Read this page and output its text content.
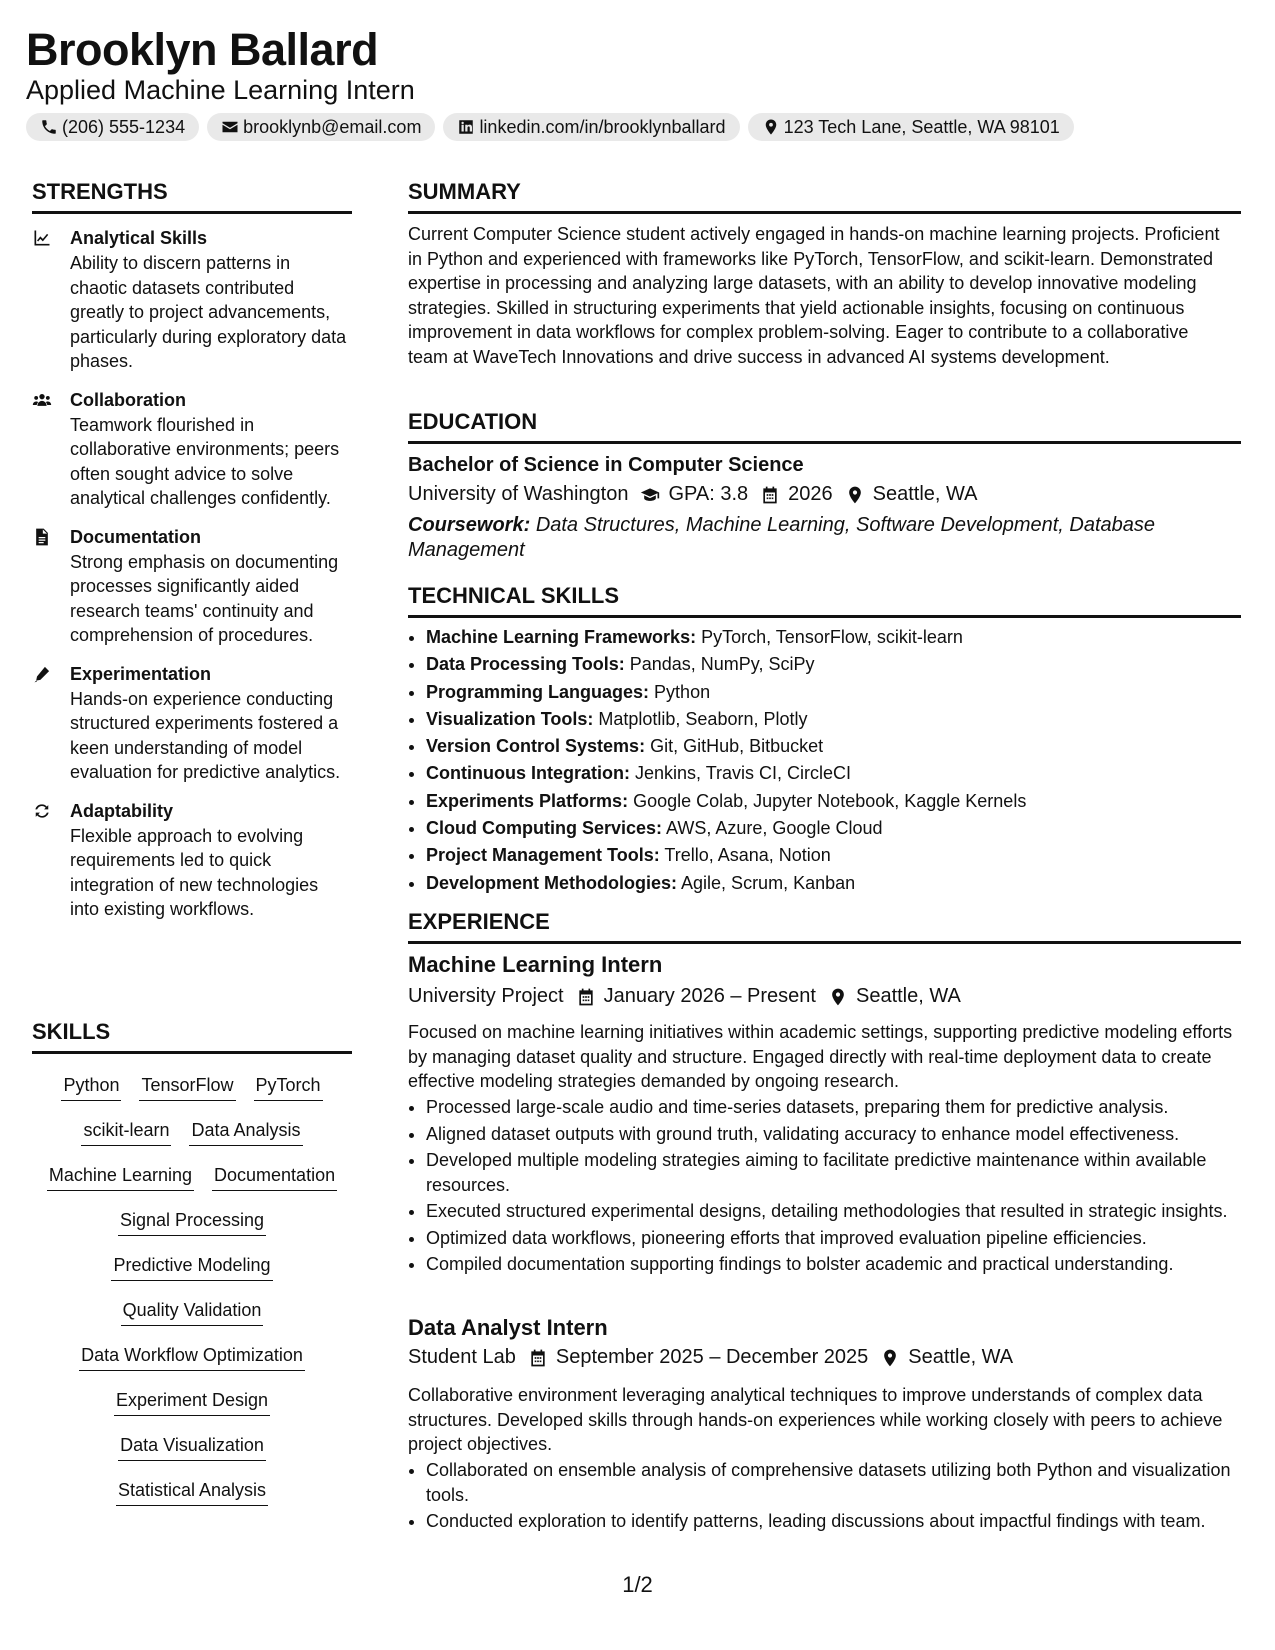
Brooklyn Ballard
Applied Machine Learning Intern
(206) 555-1234	brooklynb@email.com	linkedin.com/in/brooklynballard	123 Tech Lane, Seattle, WA 98101
STRENGTHS
Analytical Skills
Ability to discern patterns in chaotic datasets contributed greatly to project advancements, particularly during exploratory data phases.
Collaboration
Teamwork flourished in collaborative environments; peers often sought advice to solve analytical challenges confidently.
Documentation
Strong emphasis on documenting processes significantly aided research teams' continuity and comprehension of procedures.
Experimentation
Hands-on experience conducting structured experiments fostered a keen understanding of model evaluation for predictive analytics.
Adaptability
Flexible approach to evolving requirements led to quick integration of new technologies into existing workflows.
SKILLS
Python TensorFlow PyTorch
scikit-learn Data Analysis
Machine Learning Documentation
Signal Processing
Predictive Modeling
Quality Validation
Data Workflow Optimization
Experiment Design
Data Visualization
Statistical Analysis
SUMMARY
Current Computer Science student actively engaged in hands-on machine learning projects. Proficient in Python and experienced with frameworks like PyTorch, TensorFlow, and scikit-learn. Demonstrated expertise in processing and analyzing large datasets, with an ability to develop innovative modeling strategies. Skilled in structuring experiments that yield actionable insights, focusing on continuous improvement in data workflows for complex problem-solving. Eager to contribute to a collaborative team at WaveTech Innovations and drive success in advanced AI systems development.
EDUCATION
Bachelor of Science in Computer Science
University of Washington GPA: 3.8 2026 Seattle, WA
Coursework: Data Structures, Machine Learning, Software Development, Database Management
TECHNICAL SKILLS
• Machine Learning Frameworks: PyTorch, TensorFlow, scikit-learn
• Data Processing Tools: Pandas, NumPy, SciPy
• Programming Languages: Python
• Visualization Tools: Matplotlib, Seaborn, Plotly
• Version Control Systems: Git, GitHub, Bitbucket
• Continuous Integration: Jenkins, Travis CI, CircleCI
• Experiments Platforms: Google Colab, Jupyter Notebook, Kaggle Kernels
• Cloud Computing Services: AWS, Azure, Google Cloud
• Project Management Tools: Trello, Asana, Notion
• Development Methodologies: Agile, Scrum, Kanban
EXPERIENCE
Machine Learning Intern
University Project January 2026 – Present Seattle, WA
Focused on machine learning initiatives within academic settings, supporting predictive modeling efforts by managing dataset quality and structure. Engaged directly with real-time deployment data to create effective modeling strategies demanded by ongoing research.
• Processed large-scale audio and time-series datasets, preparing them for predictive analysis.
• Aligned dataset outputs with ground truth, validating accuracy to enhance model effectiveness.
• Developed multiple modeling strategies aiming to facilitate predictive maintenance within available resources.
• Executed structured experimental designs, detailing methodologies that resulted in strategic insights.
• Optimized data workflows, pioneering efforts that improved evaluation pipeline efficiencies.
• Compiled documentation supporting findings to bolster academic and practical understanding.
Data Analyst Intern
Student Lab September 2025 – December 2025 Seattle, WA
Collaborative environment leveraging analytical techniques to improve understands of complex data structures. Developed skills through hands-on experiences while working closely with peers to achieve project objectives.
• Collaborated on ensemble analysis of comprehensive datasets utilizing both Python and visualization tools.
• Conducted exploration to identify patterns, leading discussions about impactful findings with team.
1/2
